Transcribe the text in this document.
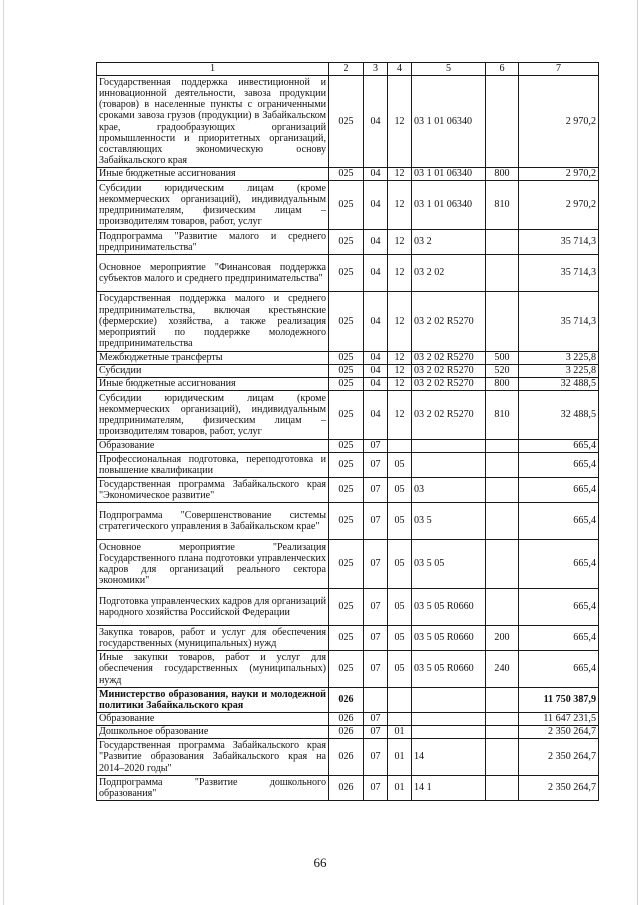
1	2	3	4	5	6	7
Государственная поддержка инвестиционной и инновационной деятельности, завоза продукции (товаров) в населенные пункты с ограниченными сроками завоза грузов (продукции) в Забайкальском крае, градообразующих организаций промышленности и приоритетных организаций, составляющих экономическую основу Забайкальского края	025	04	12	03 1 01 06340		2 970,2
Иные бюджетные ассигнования	025	04	12	03 1 01 06340	800	2 970,2
Субсидии юридическим лицам (кроме некоммерческих организаций), индивидуальным предпринимателям, физическим лицам – производителям товаров, работ, услуг	025	04	12	03 1 01 06340	810	2 970,2
Подпрограмма "Развитие малого и среднего предпринимательства"	025	04	12	03 2		35 714,3
Основное мероприятие "Финансовая поддержка субъектов малого и среднего предпринимательства"	025	04	12	03 2 02		35 714,3
Государственная поддержка малого и среднего предпринимательства, включая крестьянские (фермерские) хозяйства, а также реализация мероприятий по поддержке молодежного предпринимательства	025	04	12	03 2 02 R5270		35 714,3
Межбюджетные трансферты	025	04	12	03 2 02 R5270	500	3 225,8
Субсидии	025	04	12	03 2 02 R5270	520	3 225,8
Иные бюджетные ассигнования	025	04	12	03 2 02 R5270	800	32 488,5
Субсидии юридическим лицам (кроме некоммерческих организаций), индивидуальным предпринимателям, физическим лицам – производителям товаров, работ, услуг	025	04	12	03 2 02 R5270	810	32 488,5
Образование	025	07				665,4
Профессиональная подготовка, переподготовка и повышение квалификации	025	07	05			665,4
Государственная программа Забайкальского края "Экономическое развитие"	025	07	05	03		665,4
Подпрограмма "Совершенствование системы стратегического управления в Забайкальском крае"	025	07	05	03 5		665,4
Основное мероприятие "Реализация Государственного плана подготовки управленческих кадров для организаций реального сектора экономики"	025	07	05	03 5 05		665,4
Подготовка управленческих кадров для организаций народного хозяйства Российской Федерации	025	07	05	03 5 05 R0660		665,4
Закупка товаров, работ и услуг для обеспечения государственных (муниципальных) нужд	025	07	05	03 5 05 R0660	200	665,4
Иные закупки товаров, работ и услуг для обеспечения государственных (муниципальных) нужд	025	07	05	03 5 05 R0660	240	665,4
Министерство образования, науки и молодежной политики Забайкальского края	026					11 750 387,9
Образование	026	07				11 647 231,5
Дошкольное образование	026	07	01			2 350 264,7
Государственная программа Забайкальского края "Развитие образования Забайкальского края на 2014–2020 годы"	026	07	01	14		2 350 264,7
Подпрограмма "Развитие дошкольного образования"	026	07	01	14 1		2 350 264,7
66
